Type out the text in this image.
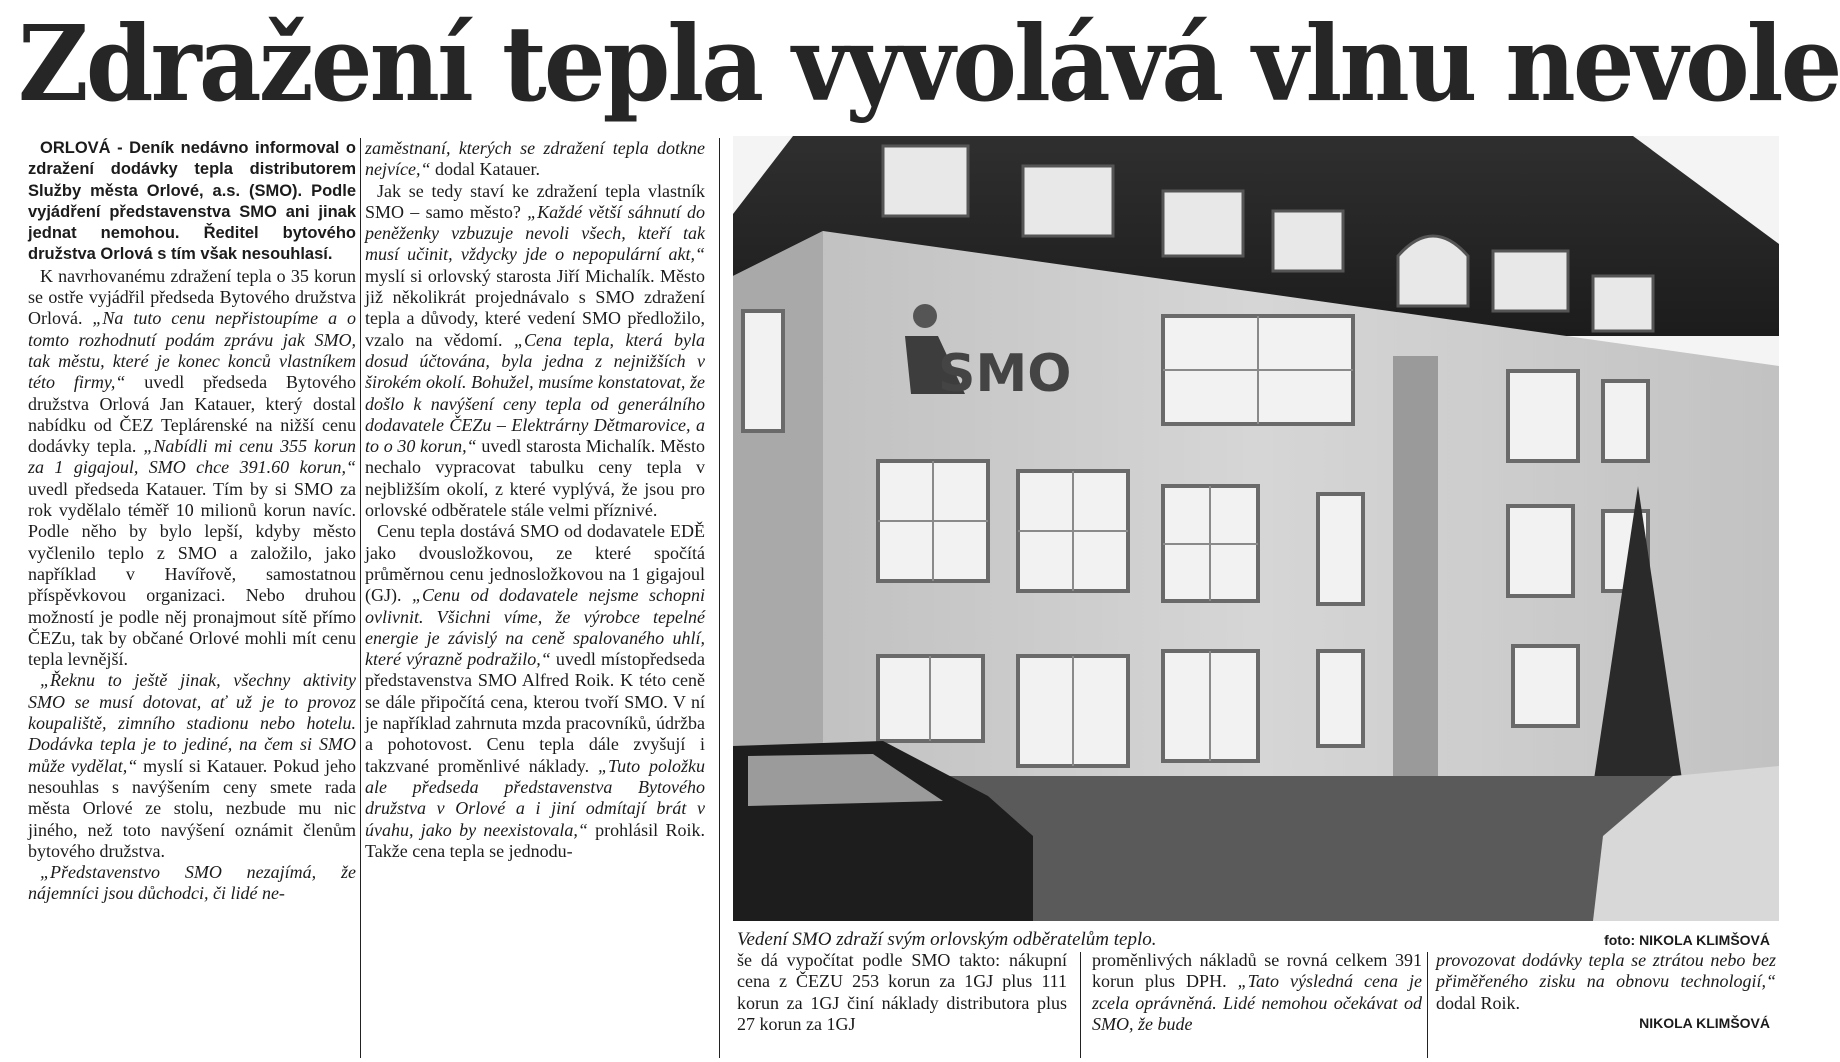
Zdražení tepla vyvolává vlnu nevole

ORLOVÁ - Deník nedávno informoval o zdražení dodávky tepla distributorem Služby města Orlové, a.s. (SMO). Podle vyjádření představenstva SMO ani jinak jednat nemohou. Ředitel bytového družstva Orlová s tím však nesouhlasí.

K navrhovanému zdražení tepla o 35 korun se ostře vyjádřil předseda Bytového družstva Orlová. „Na tuto cenu nepřistoupíme a o tomto rozhodnutí podám zprávu jak SMO, tak městu, které je konec konců vlastníkem této firmy,“ uvedl předseda Bytového družstva Orlová Jan Katauer, který dostal nabídku od ČEZ Teplárenské na nižší cenu dodávky tepla. „Nabídli mi cenu 355 korun za 1 gigajoul, SMO chce 391.60 korun,“ uvedl předseda Katauer. Tím by si SMO za rok vydělalo téměř 10 milionů korun navíc. Podle něho by bylo lepší, kdyby město vyčlenilo teplo z SMO a založilo, jako například v Havířově, samostatnou příspěvkovou organizaci. Nebo druhou možností je podle něj pronajmout sítě přímo ČEZu, tak by občané Orlové mohli mít cenu tepla levnější.

„Řeknu to ještě jinak, všechny aktivity SMO se musí dotovat, ať už je to provoz koupaliště, zimního stadionu nebo hotelu. Dodávka tepla je to jediné, na čem si SMO může vydělat,“ myslí si Katauer. Pokud jeho nesouhlas s navýšením ceny smete rada města Orlové ze stolu, nezbude mu nic jiného, než toto navýšení oznámit členům bytového družstva.

„Představenstvo SMO nezajímá, že nájemníci jsou důchodci, či lidé ne-

zaměstnaní, kterých se zdražení tepla dotkne nejvíce,“ dodal Katauer.

Jak se tedy staví ke zdražení tepla vlastník SMO – samo město? „Každé větší sáhnutí do peněženky vzbuzuje nevoli všech, kteří tak musí učinit, vždycky jde o nepopulární akt,“ myslí si orlovský starosta Jiří Michalík. Město již několikrát projednávalo s SMO zdražení tepla a důvody, které vedení SMO předložilo, vzalo na vědomí. „Cena tepla, která byla dosud účtována, byla jedna z nejnižších v širokém okolí. Bohužel, musíme konstatovat, že došlo k navýšení ceny tepla od generálního dodavatele ČEZu – Elektrárny Dětmarovice, a to o 30 korun,“ uvedl starosta Michalík. Město nechalo vypracovat tabulku ceny tepla v nejbližším okolí, z které vyplývá, že jsou pro orlovské odběratele stále velmi příznivé.

Cenu tepla dostává SMO od dodavatele EDĚ jako dvousložkovou, ze které spočítá průměrnou cenu jednosložkovou na 1 gigajoul (GJ). „Cenu od dodavatele nejsme schopni ovlivnit. Všichni víme, že výrobce tepelné energie je závislý na ceně spalovaného uhlí, které výrazně podražilo,“ uvedl místopředseda představenstva SMO Alfred Roik. K této ceně se dále připočítá cena, kterou tvoří SMO. V ní je například zahrnuta mzda pracovníků, údržba a pohotovost. Cenu tepla dále zvyšují i takzvané proměnlivé náklady. „Tuto položku ale předseda představenstva Bytového družstva v Orlové a i jiní odmítají brát v úvahu, jako by neexistovala,“ prohlásil Roik. Takže cena tepla se jednodu-

SMO
Vedení SMO zdraží svým orlovským odběratelům teplo.	foto: NIKOLA KLIMŠOVÁ
še dá vypočítat podle SMO takto: nákupní cena z ČEZU 253 korun za 1GJ plus 111 korun za 1GJ činí náklady distributora plus 27 korun za 1GJ
proměnlivých nákladů se rovná celkem 391 korun plus DPH. „Tato výsledná cena je zcela oprávněná. Lidé nemohou očekávat od SMO, že bude
provozovat dodávky tepla se ztrátou nebo bez přiměřeného zisku na obnovu technologií,“ dodal Roik.
NIKOLA KLIMŠOVÁ
